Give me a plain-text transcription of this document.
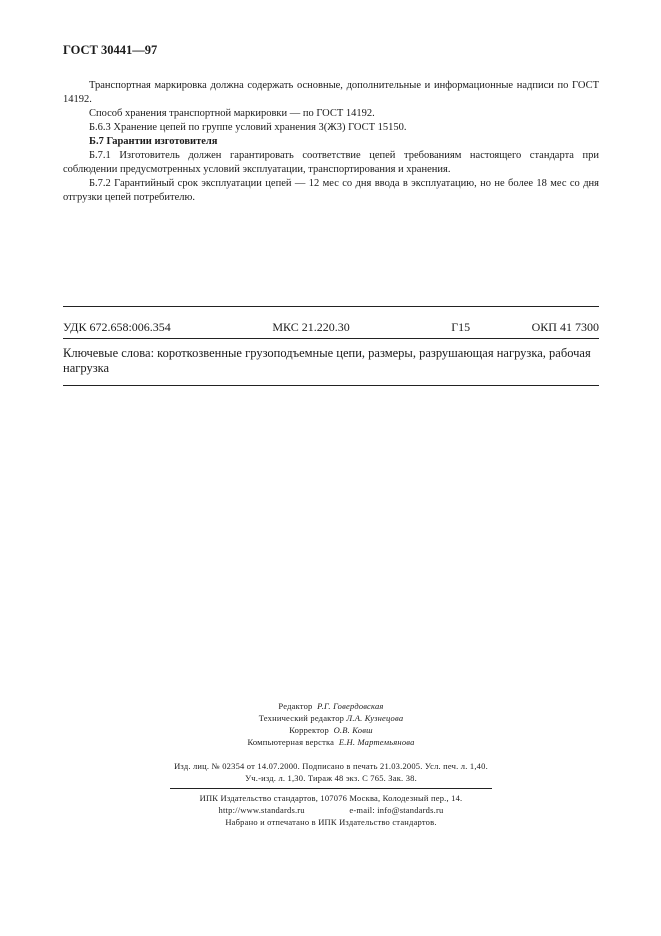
ГОСТ 30441—97

Транспортная маркировка должна содержать основные, дополнительные и информационные надписи по ГОСТ 14192.

Способ хранения транспортной маркировки — по ГОСТ 14192.

Б.6.3 Хранение цепей по группе условий хранения 3(Ж3) ГОСТ 15150.

Б.7 Гарантии изготовителя

Б.7.1 Изготовитель должен гарантировать соответствие цепей требованиям настоящего стандарта при соблюдении предусмотренных условий эксплуатации, транспортирования и хранения.

Б.7.2 Гарантийный срок эксплуатации цепей — 12 мес со дня ввода в эксплуатацию, но не более 18 мес со дня отгрузки цепей потребителю.

УДК 672.658:006.354	МКС 21.220.30	Г15	ОКП 41 7300
Ключевые слова: короткозвенные грузоподъемные цепи, размеры, разрушающая нагрузка, рабочая нагрузка
Редактор Р.Г. Говердовская
Технический редактор Л.А. Кузнецова
Корректор О.В. Ковш
Компьютерная верстка Е.Н. Мартемьянова
Изд. лиц. № 02354 от 14.07.2000. Подписано в печать 21.03.2005. Усл. печ. л. 1,40.
Уч.-изд. л. 1,30. Тираж 48 экз. С 765. Зак. 38.
ИПК Издательство стандартов, 107076 Москва, Колодезный пер., 14.
http://www.standards.ru	e-mail: info@standards.ru
Набрано и отпечатано в ИПК Издательство стандартов.
